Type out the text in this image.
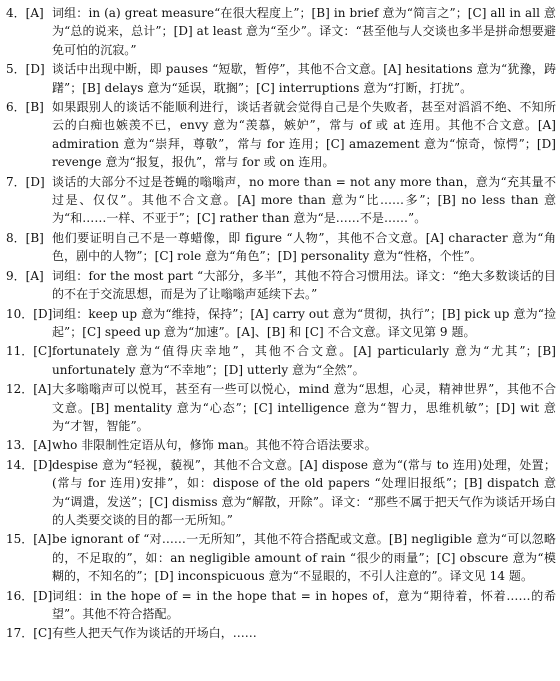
4．[A] 词组：in (a) great measure“在很大程度上”；[B] in brief 意为“简言之”；[C] all in all 意为“总的说来，总计”；[D] at least 意为“至少”。译文：“甚至他与人交谈也多半是拼命想要避免可怕的沉寂。”
5．[D] 谈话中出现中断，即 pauses “短歇，暂停”，其他不合文意。[A] hesitations 意为“犹豫，踌躇”；[B] delays 意为“延误，耽搁”；[C] interruptions 意为“打断，打扰”。
6．[B] 如果跟别人的谈话不能顺利进行，谈话者就会觉得自己是个失败者，甚至对滔滔不绝、不知所云的白痴也嫉羡不已，envy 意为“羡慕，嫉妒”，常与 of 或 at 连用。其他不合文意。[A] admiration 意为“崇拜，尊敬”，常与 for 连用；[C] amazement 意为“惊奇，惊愕”；[D] revenge 意为“报复，报仇”，常与 for 或 on 连用。
7．[D] 谈话的大部分不过是苍蝇的嗡嗡声，no more than = not any more than，意为“充其量不过是、仅仅”。其他不合文意。[A] more than 意为“比……多”；[B] no less than 意为“和……一样、不亚于”；[C] rather than 意为“是……不是……”。
8．[B] 他们要证明自己不是一尊蜡像，即 figure “人物”，其他不合文意。[A] character 意为“角色，剧中的人物”；[C] role 意为“角色”；[D] personality 意为“性格，个性”。
9．[A] 词组：for the most part “大部分，多半”，其他不符合习惯用法。译文：“绝大多数谈话的目的不在于交流思想，而是为了让嗡嗡声延续下去。”
10．[D] 词组：keep up 意为“维持，保持”；[A] carry out 意为“贯彻，执行”；[B] pick up 意为“捡起”；[C] speed up 意为“加速”。[A]、[B] 和 [C] 不合文意。译文见第 9 题。
11．[C] fortunately 意为“值得庆幸地”，其他不合文意。[A] particularly 意为“尤其”；[B] unfortunately 意为“不幸地”；[D] utterly 意为“全然”。
12．[A] 大多嗡嗡声可以悦耳，甚至有一些可以悦心，mind 意为“思想，心灵，精神世界”，其他不合文意。[B] mentality 意为“心态”；[C] intelligence 意为“智力，思维机敏”；[D] wit 意为“才智，智能”。
13．[A] who 非限制性定语从句，修饰 man。其他不符合语法要求。
14．[D] despise 意为“轻视，藐视”，其他不合文意。[A] dispose 意为“(常与 to 连用)处理，处置；(常与 for 连用)安排”，如：dispose of the old papers “处理旧报纸”；[B] dispatch 意为“调遣，发送”；[C] dismiss 意为“解散，开除”。译文：“那些不属于把天气作为谈话开场白的人类要交谈的目的都一无所知。”
15．[A] be ignorant of “对……一无所知”，其他不符合搭配或文意。[B] negligible 意为“可以忽略的，不足取的”，如：an negligible amount of rain “很少的雨量”；[C] obscure 意为“模糊的，不知名的”；[D] inconspicuous 意为“不显眼的，不引人注意的”。译文见 14 题。
16．[D] 词组：in the hope of = in the hope that = in hopes of，意为“期待着，怀着……的希望”。其他不符合搭配。
17．[C] 有些人把天气作为谈话的开场白，……
